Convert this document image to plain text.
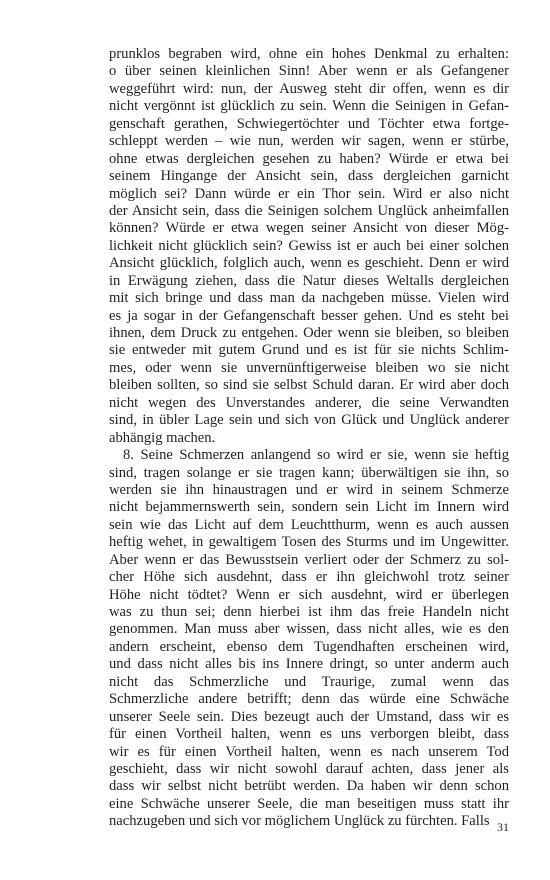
prunklos begraben wird, ohne ein hohes Denkmal zu erhalten:
o über seinen kleinlichen Sinn! Aber wenn er als Gefangener
weggeführt wird: nun, der Ausweg steht dir offen, wenn es dir
nicht vergönnt ist glücklich zu sein. Wenn die Seinigen in Gefan-
genschaft gerathen, Schwiegertöchter und Töchter etwa fortge-
schleppt werden – wie nun, werden wir sagen, wenn er stürbe,
ohne etwas dergleichen gesehen zu haben? Würde er etwa bei
seinem Hingange der Ansicht sein, dass dergleichen garnicht
möglich sei? Dann würde er ein Thor sein. Wird er also nicht
der Ansicht sein, dass die Seinigen solchem Unglück anheimfallen
können? Würde er etwa wegen seiner Ansicht von dieser Mög-
lichkeit nicht glücklich sein? Gewiss ist er auch bei einer solchen
Ansicht glücklich, folglich auch, wenn es geschieht. Denn er wird
in Erwägung ziehen, dass die Natur dieses Weltalls dergleichen
mit sich bringe und dass man da nachgeben müsse. Vielen wird
es ja sogar in der Gefangenschaft besser gehen. Und es steht bei
ihnen, dem Druck zu entgehen. Oder wenn sie bleiben, so bleiben
sie entweder mit gutem Grund und es ist für sie nichts Schlim-
mes, oder wenn sie unvernünftigerweise bleiben wo sie nicht
bleiben sollten, so sind sie selbst Schuld daran. Er wird aber doch
nicht wegen des Unverstandes anderer, die seine Verwandten
sind, in übler Lage sein und sich von Glück und Unglück anderer
abhängig machen.
8. Seine Schmerzen anlangend so wird er sie, wenn sie heftig
sind, tragen solange er sie tragen kann; überwältigen sie ihn, so
werden sie ihn hinaustragen und er wird in seinem Schmerze
nicht bejammernswerth sein, sondern sein Licht im Innern wird
sein wie das Licht auf dem Leuchtthurm, wenn es auch aussen
heftig wehet, in gewaltigem Tosen des Sturms und im Ungewitter.
Aber wenn er das Bewusstsein verliert oder der Schmerz zu sol-
cher Höhe sich ausdehnt, dass er ihn gleichwohl trotz seiner
Höhe nicht tödtet? Wenn er sich ausdehnt, wird er überlegen
was zu thun sei; denn hierbei ist ihm das freie Handeln nicht
genommen. Man muss aber wissen, dass nicht alles, wie es den
andern erscheint, ebenso dem Tugendhaften erscheinen wird,
und dass nicht alles bis ins Innere dringt, so unter anderm auch
nicht das Schmerzliche und Traurige, zumal wenn das
Schmerzliche andere betrifft; denn das würde eine Schwäche
unserer Seele sein. Dies bezeugt auch der Umstand, dass wir es
für einen Vortheil halten, wenn es uns verborgen bleibt, dass
wir es für einen Vortheil halten, wenn es nach unserem Tod
geschieht, dass wir nicht sowohl darauf achten, dass jener als
dass wir selbst nicht betrübt werden. Da haben wir denn schon
eine Schwäche unserer Seele, die man beseitigen muss statt ihr
nachzugeben und sich vor möglichem Unglück zu fürchten. Falls 31
